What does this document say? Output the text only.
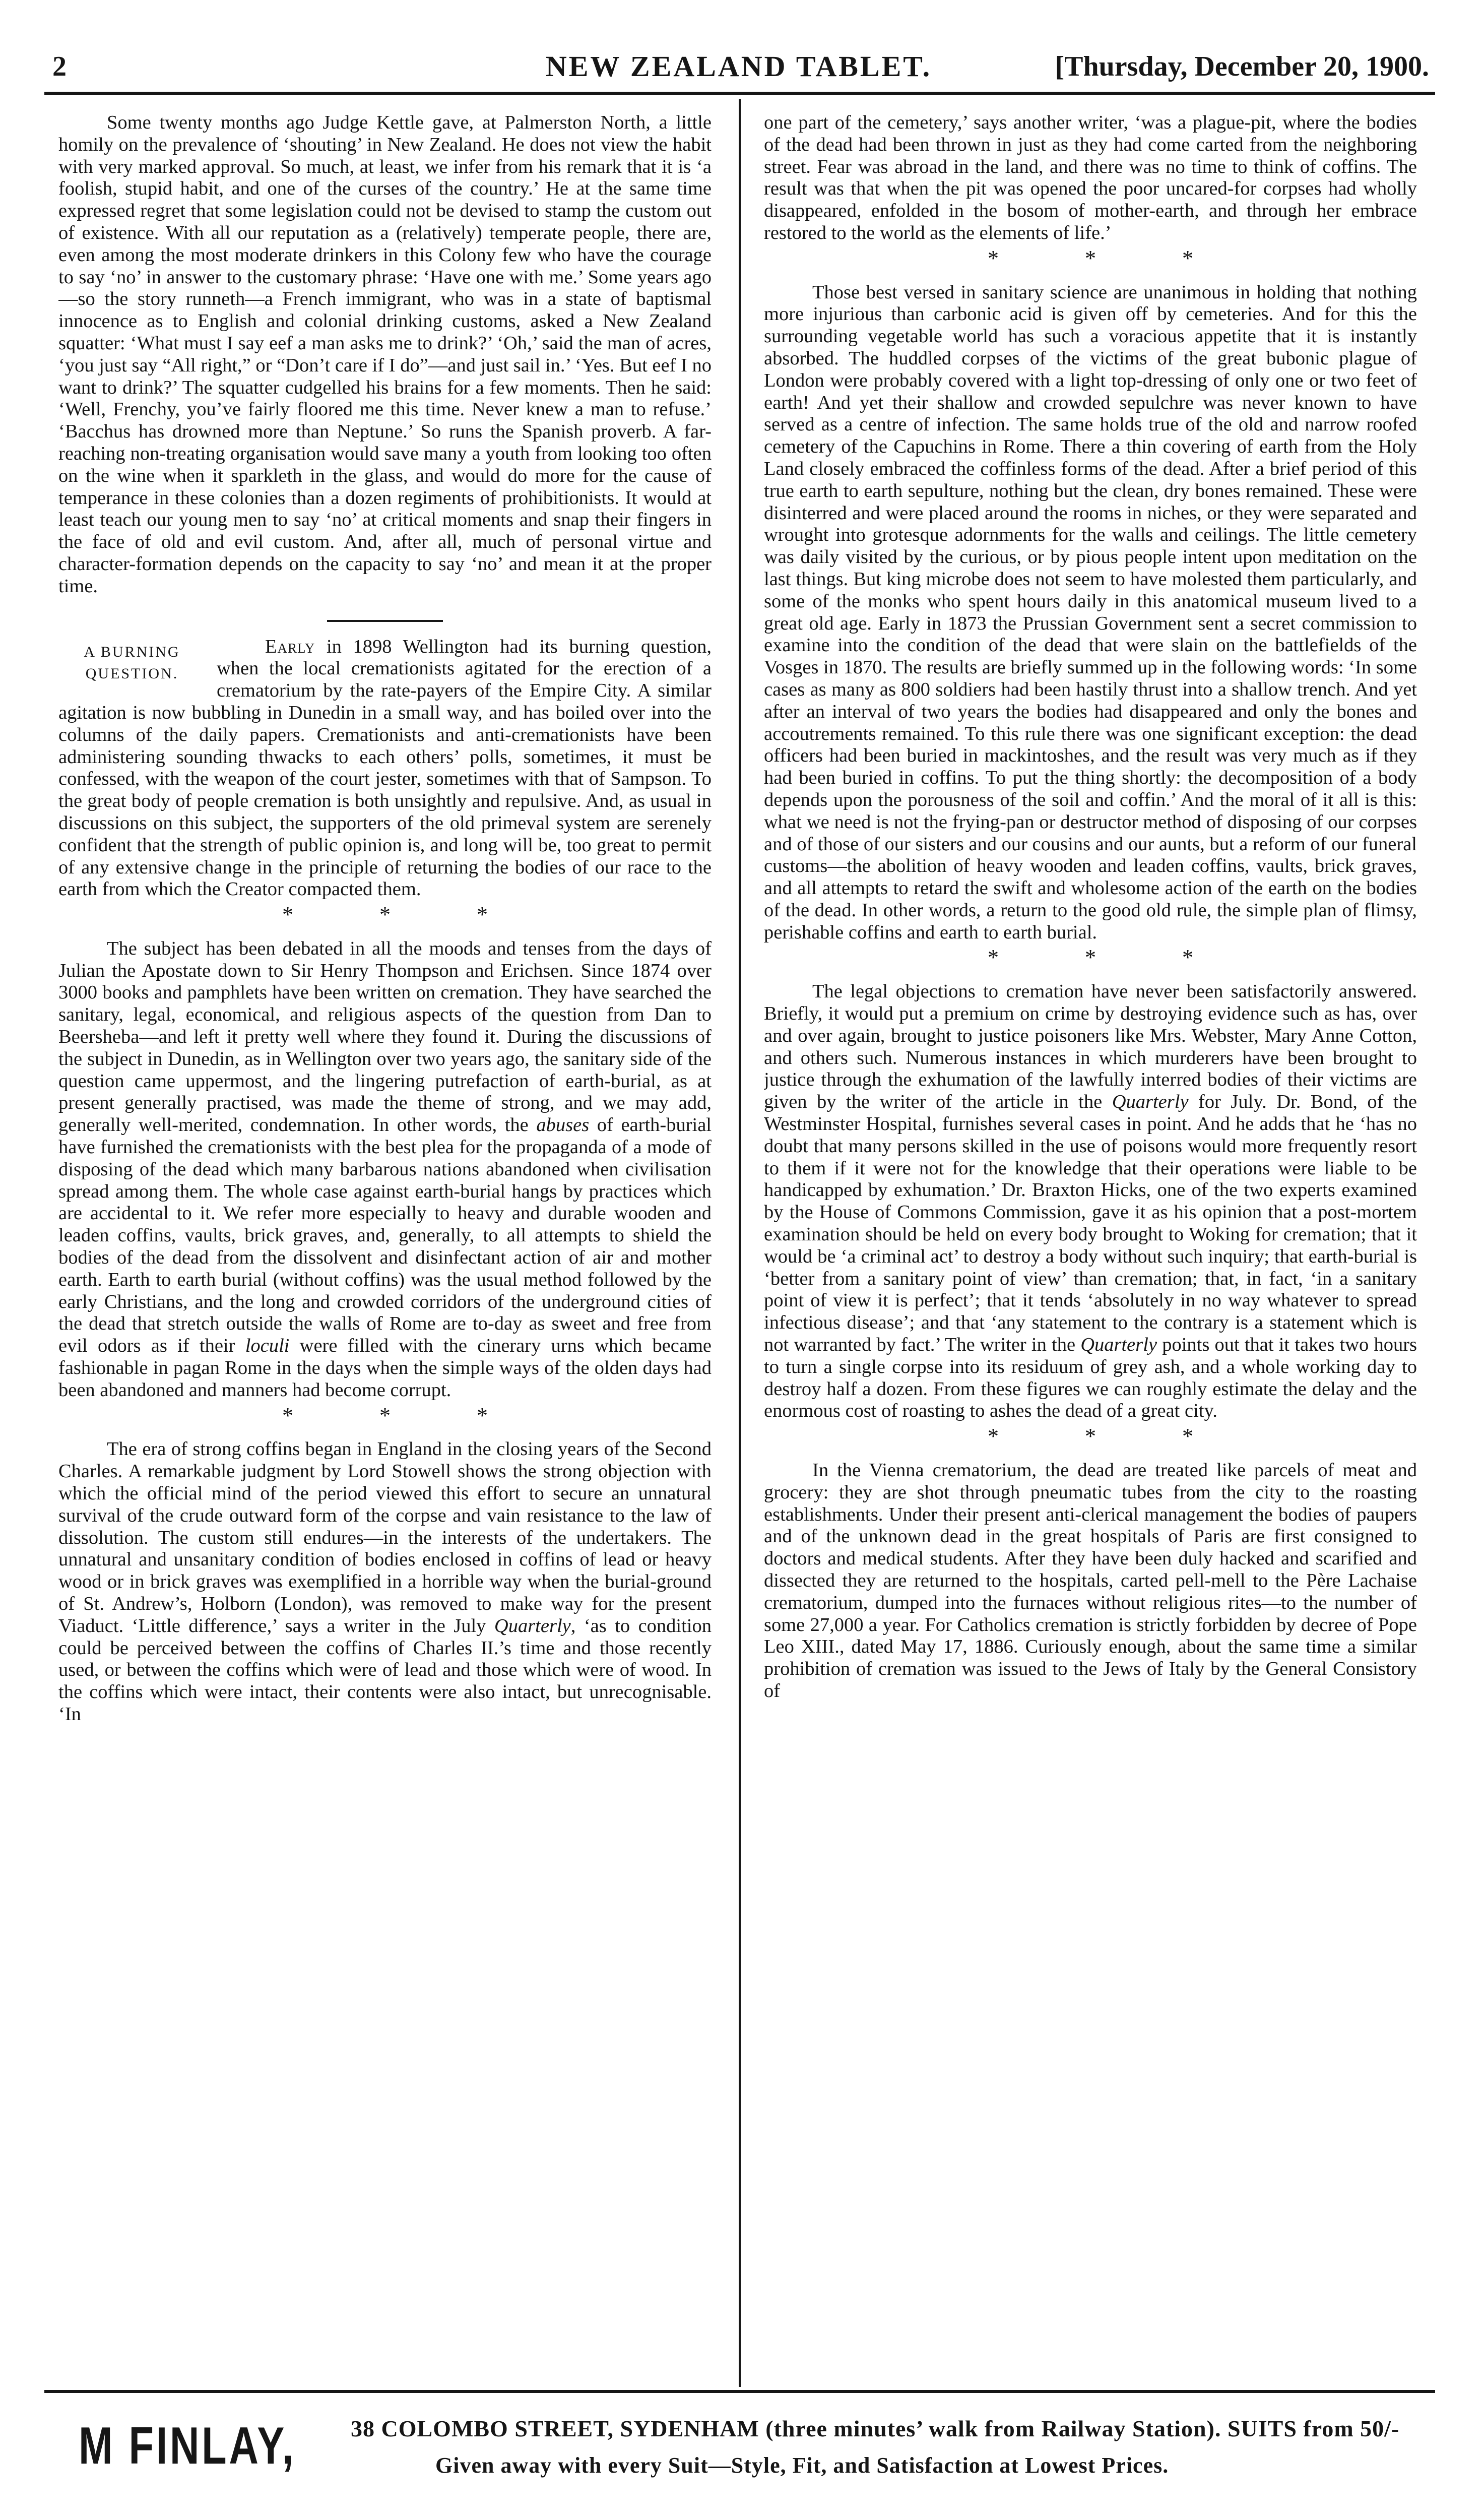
2	NEW ZEALAND TABLET.	[Thursday, December 20, 1900.

Some twenty months ago Judge Kettle gave, at Palmerston North, a little homily on the prevalence of ‘shouting’ in New Zealand. He does not view the habit with very marked approval. So much, at least, we infer from his remark that it is ‘a foolish, stupid habit, and one of the curses of the country.’ He at the same time expressed regret that some legislation could not be devised to stamp the custom out of existence. With all our reputation as a (relatively) temperate people, there are, even among the most moderate drinkers in this Colony few who have the courage to say ‘no’ in answer to the customary phrase: ‘Have one with me.’ Some years ago—so the story runneth—a French immigrant, who was in a state of baptismal innocence as to English and colonial drinking customs, asked a New Zealand squatter: ‘What must I say eef a man asks me to drink?’ ‘Oh,’ said the man of acres, ‘you just say “All right,” or “Don’t care if I do”—and just sail in.’ ‘Yes. But eef I no want to drink?’ The squatter cudgelled his brains for a few moments. Then he said: ‘Well, Frenchy, you’ve fairly floored me this time. Never knew a man to refuse.’ ‘Bacchus has drowned more than Neptune.’ So runs the Spanish proverb. A far-reaching non-treating organisation would save many a youth from looking too often on the wine when it sparkleth in the glass, and would do more for the cause of temperance in these colonies than a dozen regiments of prohibitionists. It would at least teach our young men to say ‘no’ at critical moments and snap their fingers in the face of old and evil custom. And, after all, much of personal virtue and character-formation depends on the capacity to say ‘no’ and mean it at the proper time.

A BURNING
QUESTION.
Early in 1898 Wellington had its burning question, when the local cremationists agitated for the erection of a crematorium by the rate-payers of the Empire City. A similar agitation is now bubbling in Dunedin in a small way, and has boiled over into the columns of the daily papers. Cremationists and anti-cremationists have been administering sounding thwacks to each others’ polls, sometimes, it must be confessed, with the weapon of the court jester, sometimes with that of Sampson. To the great body of people cremation is both unsightly and repulsive. And, as usual in discussions on this subject, the supporters of the old primeval system are serenely confident that the strength of public opinion is, and long will be, too great to permit of any extensive change in the principle of returning the bodies of our race to the earth from which the Creator compacted them.

* * *

The subject has been debated in all the moods and tenses from the days of Julian the Apostate down to Sir Henry Thompson and Erichsen. Since 1874 over 3000 books and pamphlets have been written on cremation. They have searched the sanitary, legal, economical, and religious aspects of the question from Dan to Beersheba—and left it pretty well where they found it. During the discussions of the subject in Dunedin, as in Wellington over two years ago, the sanitary side of the question came uppermost, and the lingering putrefaction of earth-burial, as at present generally practised, was made the theme of strong, and we may add, generally well-merited, condemnation. In other words, the abuses of earth-burial have furnished the cremationists with the best plea for the propaganda of a mode of disposing of the dead which many barbarous nations abandoned when civilisation spread among them. The whole case against earth-burial hangs by practices which are accidental to it. We refer more especially to heavy and durable wooden and leaden coffins, vaults, brick graves, and, generally, to all attempts to shield the bodies of the dead from the dissolvent and disinfectant action of air and mother earth. Earth to earth burial (without coffins) was the usual method followed by the early Christians, and the long and crowded corridors of the underground cities of the dead that stretch outside the walls of Rome are to-day as sweet and free from evil odors as if their loculi were filled with the cinerary urns which became fashionable in pagan Rome in the days when the simple ways of the olden days had been abandoned and manners had become corrupt.

* * *

The era of strong coffins began in England in the closing years of the Second Charles. A remarkable judgment by Lord Stowell shows the strong objection with which the official mind of the period viewed this effort to secure an unnatural survival of the crude outward form of the corpse and vain resistance to the law of dissolution. The custom still endures—in the interests of the undertakers. The unnatural and unsanitary condition of bodies enclosed in coffins of lead or heavy wood or in brick graves was exemplified in a horrible way when the burial-ground of St. Andrew’s, Holborn (London), was removed to make way for the present Viaduct. ‘Little difference,’ says a writer in the July Quarterly, ‘as to condition could be perceived between the coffins of Charles II.’s time and those recently used, or between the coffins which were of lead and those which were of wood. In the coffins which were intact, their contents were also intact, but unrecognisable. ‘In

one part of the cemetery,’ says another writer, ‘was a plague-pit, where the bodies of the dead had been thrown in just as they had come carted from the neighboring street. Fear was abroad in the land, and there was no time to think of coffins. The result was that when the pit was opened the poor uncared-for corpses had wholly disappeared, enfolded in the bosom of mother-earth, and through her embrace restored to the world as the elements of life.’

* * *

Those best versed in sanitary science are unanimous in holding that nothing more injurious than carbonic acid is given off by cemeteries. And for this the surrounding vegetable world has such a voracious appetite that it is instantly absorbed. The huddled corpses of the victims of the great bubonic plague of London were probably covered with a light top-dressing of only one or two feet of earth! And yet their shallow and crowded sepulchre was never known to have served as a centre of infection. The same holds true of the old and narrow roofed cemetery of the Capuchins in Rome. There a thin covering of earth from the Holy Land closely embraced the coffinless forms of the dead. After a brief period of this true earth to earth sepulture, nothing but the clean, dry bones remained. These were disinterred and were placed around the rooms in niches, or they were separated and wrought into grotesque adornments for the walls and ceilings. The little cemetery was daily visited by the curious, or by pious people intent upon meditation on the last things. But king microbe does not seem to have molested them particularly, and some of the monks who spent hours daily in this anatomical museum lived to a great old age. Early in 1873 the Prussian Government sent a secret commission to examine into the condition of the dead that were slain on the battlefields of the Vosges in 1870. The results are briefly summed up in the following words: ‘In some cases as many as 800 soldiers had been hastily thrust into a shallow trench. And yet after an interval of two years the bodies had disappeared and only the bones and accoutrements remained. To this rule there was one significant exception: the dead officers had been buried in mackintoshes, and the result was very much as if they had been buried in coffins. To put the thing shortly: the decomposition of a body depends upon the porousness of the soil and coffin.’ And the moral of it all is this: what we need is not the frying-pan or destructor method of disposing of our corpses and of those of our sisters and our cousins and our aunts, but a reform of our funeral customs—the abolition of heavy wooden and leaden coffins, vaults, brick graves, and all attempts to retard the swift and wholesome action of the earth on the bodies of the dead. In other words, a return to the good old rule, the simple plan of flimsy, perishable coffins and earth to earth burial.

* * *

The legal objections to cremation have never been satisfactorily answered. Briefly, it would put a premium on crime by destroying evidence such as has, over and over again, brought to justice poisoners like Mrs. Webster, Mary Anne Cotton, and others such. Numerous instances in which murderers have been brought to justice through the exhumation of the lawfully interred bodies of their victims are given by the writer of the article in the Quarterly for July. Dr. Bond, of the Westminster Hospital, furnishes several cases in point. And he adds that he ‘has no doubt that many persons skilled in the use of poisons would more frequently resort to them if it were not for the knowledge that their operations were liable to be handicapped by exhumation.’ Dr. Braxton Hicks, one of the two experts examined by the House of Commons Commission, gave it as his opinion that a post-mortem examination should be held on every body brought to Woking for cremation; that it would be ‘a criminal act’ to destroy a body without such inquiry; that earth-burial is ‘better from a sanitary point of view’ than cremation; that, in fact, ‘in a sanitary point of view it is perfect’; that it tends ‘absolutely in no way whatever to spread infectious disease’; and that ‘any statement to the contrary is a statement which is not warranted by fact.’ The writer in the Quarterly points out that it takes two hours to turn a single corpse into its residuum of grey ash, and a whole working day to destroy half a dozen. From these figures we can roughly estimate the delay and the enormous cost of roasting to ashes the dead of a great city.

* * *

In the Vienna crematorium, the dead are treated like parcels of meat and grocery: they are shot through pneumatic tubes from the city to the roasting establishments. Under their present anti-clerical management the bodies of paupers and of the unknown dead in the great hospitals of Paris are first consigned to doctors and medical students. After they have been duly hacked and scarified and dissected they are returned to the hospitals, carted pell-mell to the Père Lachaise crematorium, dumped into the furnaces without religious rites—to the number of some 27,000 a year. For Catholics cremation is strictly forbidden by decree of Pope Leo XIII., dated May 17, 1886. Curiously enough, about the same time a similar prohibition of cremation was issued to the Jews of Italy by the General Consistory of

M FINLAY, 38 COLOMBO STREET, SYDENHAM (three minutes’ walk from Railway Station). SUITS from 50/-
Given away with every Suit—Style, Fit, and Satisfaction at Lowest Prices.
